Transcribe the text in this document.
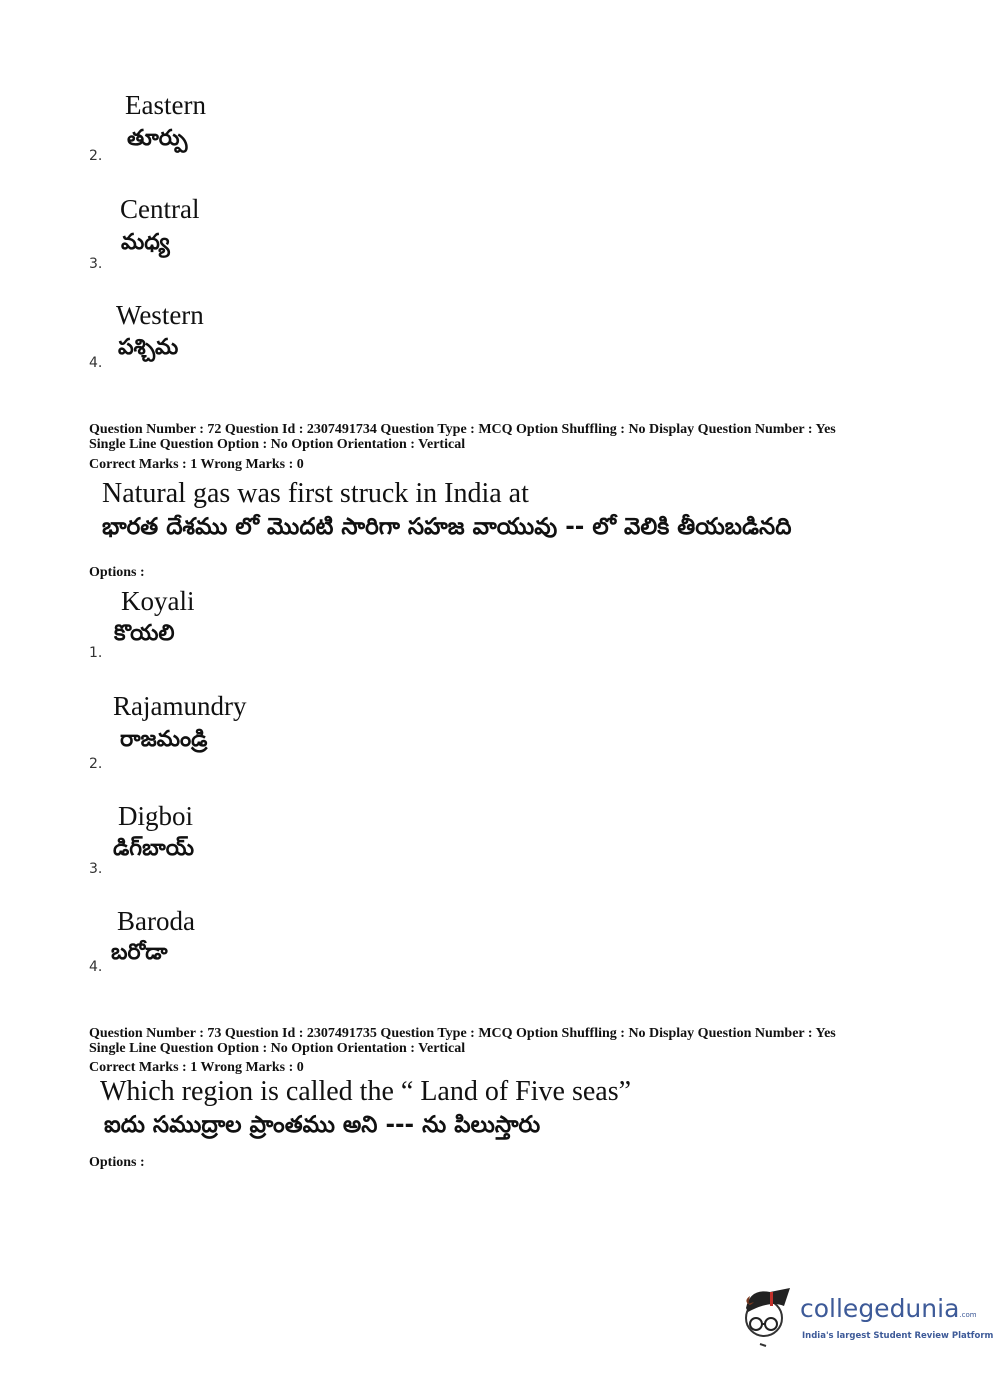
Eastern
తూర్పు
2.
Central
మధ్య
3.
Western
పశ్చిమ
4.
Question Number : 72 Question Id : 2307491734 Question Type : MCQ Option Shuffling : No Display Question Number : Yes
Single Line Question Option : No Option Orientation : Vertical
Correct Marks : 1 Wrong Marks : 0
Natural gas was first struck in India at
భారత దేశము లో మొదటి సారిగా సహజ వాయువు -- లో వెలికి తీయబడినది
Options :
Koyali
కొయలి
1.
Rajamundry
రాజమండ్రి
2.
Digboi
డిగ్‌బాయ్
3.
Baroda
బరోడా
4.
Question Number : 73 Question Id : 2307491735 Question Type : MCQ Option Shuffling : No Display Question Number : Yes
Single Line Question Option : No Option Orientation : Vertical
Correct Marks : 1 Wrong Marks : 0
Which region is called the “ Land of Five seas”
ఐదు సముద్రాల ప్రాంతము అని --- ను పిలుస్తారు
Options :
collegedunia.com
India's largest Student Review Platform
